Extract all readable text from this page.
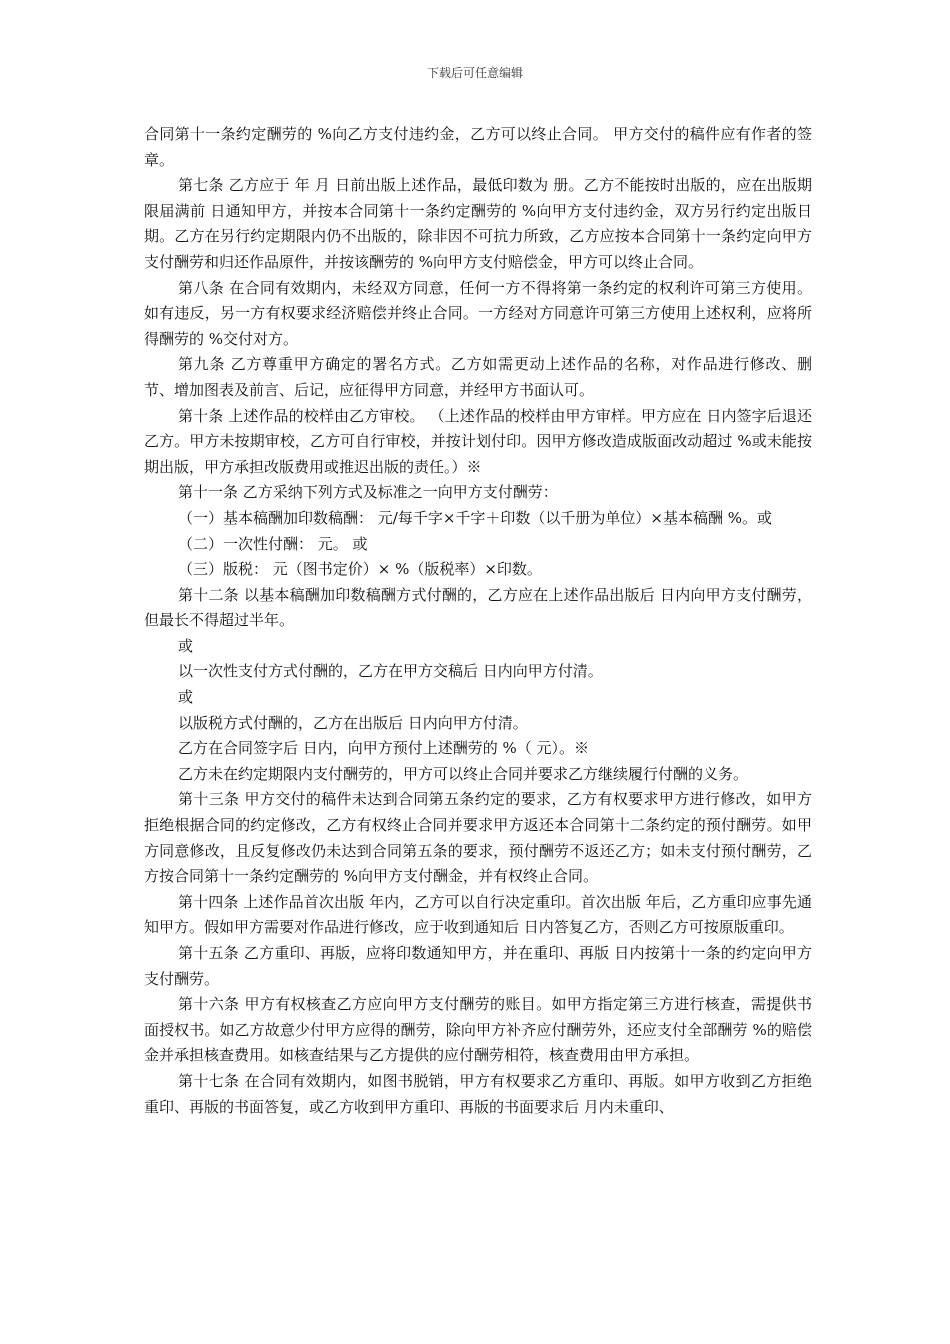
下载后可任意编辑

合同第十一条约定酬劳的 %向乙方支付违约金，乙方可以终止合同。 甲方交付的稿件应有作者的签章。

第七条 乙方应于 年 月 日前出版上述作品，最低印数为 册。乙方不能按时出版的，应在出版期限届满前 日通知甲方，并按本合同第十一条约定酬劳的 %向甲方支付违约金，双方另行约定出版日期。乙方在另行约定期限内仍不出版的，除非因不可抗力所致，乙方应按本合同第十一条约定向甲方支付酬劳和归还作品原件，并按该酬劳的 %向甲方支付赔偿金，甲方可以终止合同。

第八条 在合同有效期内，未经双方同意，任何一方不得将第一条约定的权利许可第三方使用。如有违反，另一方有权要求经济赔偿并终止合同。一方经对方同意许可第三方使用上述权利，应将所得酬劳的 %交付对方。

第九条 乙方尊重甲方确定的署名方式。乙方如需更动上述作品的名称，对作品进行修改、删节、增加图表及前言、后记，应征得甲方同意，并经甲方书面认可。

第十条 上述作品的校样由乙方审校。 （上述作品的校样由甲方审样。甲方应在 日内签字后退还乙方。甲方未按期审校，乙方可自行审校，并按计划付印。因甲方修改造成版面改动超过 %或未能按期出版，甲方承担改版费用或推迟出版的责任。）※

第十一条 乙方采纳下列方式及标准之一向甲方支付酬劳：

（一）基本稿酬加印数稿酬： 元/每千字×千字＋印数（以千册为单位）×基本稿酬 %。或

（二）一次性付酬： 元。 或

（三）版税： 元（图书定价）× %（版税率）×印数。

第十二条 以基本稿酬加印数稿酬方式付酬的，乙方应在上述作品出版后 日内向甲方支付酬劳，但最长不得超过半年。

或

以一次性支付方式付酬的，乙方在甲方交稿后 日内向甲方付清。

或

以版税方式付酬的，乙方在出版后 日内向甲方付清。

乙方在合同签字后 日内，向甲方预付上述酬劳的 %（ 元）。※

乙方未在约定期限内支付酬劳的，甲方可以终止合同并要求乙方继续履行付酬的义务。

第十三条 甲方交付的稿件未达到合同第五条约定的要求，乙方有权要求甲方进行修改，如甲方拒绝根据合同的约定修改，乙方有权终止合同并要求甲方返还本合同第十二条约定的预付酬劳。如甲方同意修改，且反复修改仍未达到合同第五条的要求，预付酬劳不返还乙方；如未支付预付酬劳，乙方按合同第十一条约定酬劳的 %向甲方支付酬金，并有权终止合同。

第十四条 上述作品首次出版 年内，乙方可以自行决定重印。首次出版 年后，乙方重印应事先通知甲方。假如甲方需要对作品进行修改，应于收到通知后 日内答复乙方，否则乙方可按原版重印。

第十五条 乙方重印、再版，应将印数通知甲方，并在重印、再版 日内按第十一条的约定向甲方支付酬劳。

第十六条 甲方有权核查乙方应向甲方支付酬劳的账目。如甲方指定第三方进行核查，需提供书面授权书。如乙方故意少付甲方应得的酬劳，除向甲方补齐应付酬劳外，还应支付全部酬劳 %的赔偿金并承担核查费用。如核查结果与乙方提供的应付酬劳相符，核查费用由甲方承担。

第十七条 在合同有效期内，如图书脱销，甲方有权要求乙方重印、再版。如甲方收到乙方拒绝重印、再版的书面答复，或乙方收到甲方重印、再版的书面要求后 月内未重印、
